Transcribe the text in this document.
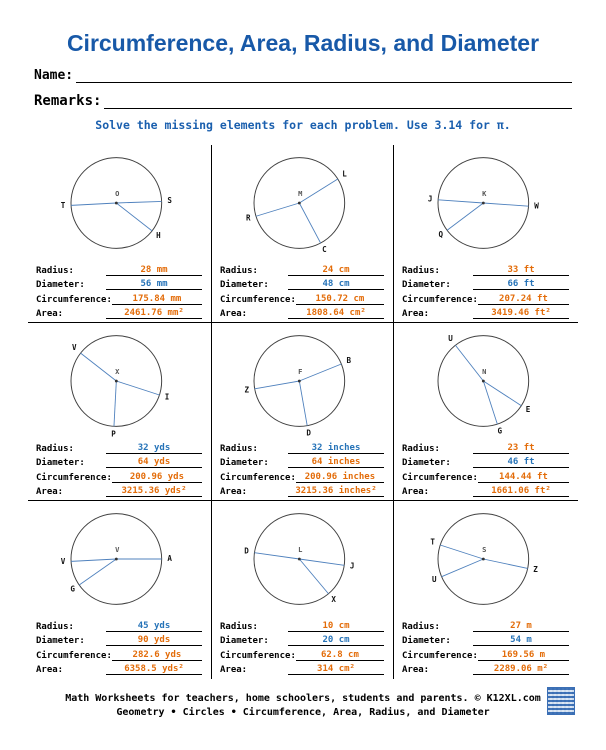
Circumference, Area, Radius, and Diameter
Name:
Remarks:
Solve the missing elements for each problem. Use 3.14 for π.
T
S
H
O
Radius:	28 mm
Diameter:	56 mm
Circumference:	175.84 mm
Area:	2461.76 mm²
R
L
C
M
Radius:	24 cm
Diameter:	48 cm
Circumference:	150.72 cm
Area:	1808.64 cm²
J
W
Q
K
Radius:	33 ft
Diameter:	66 ft
Circumference:	207.24 ft
Area:	3419.46 ft²
V
I
P
X
Radius:	32 yds
Diameter:	64 yds
Circumference:	200.96 yds
Area:	3215.36 yds²
Z
B
D
F
Radius:	32 inches
Diameter:	64 inches
Circumference: 200.96 inches
Area:	3215.36 inches²
U
E
G
N
Radius:	23 ft
Diameter:	46 ft
Circumference:	144.44 ft
Area:	1661.06 ft²
V	A
G
V
Radius:	45 yds
Diameter:	90 yds
Circumference:	282.6 yds
Area:	6358.5 yds²
D
J
X
L
Radius:	10 cm
Diameter:	20 cm
Circumference:	62.8 cm
Area:	314 cm²
T
Z
U
S
Radius:	27 m
Diameter:	54 m
Circumference:	169.56 m
Area:	2289.06 m²
Math Worksheets for teachers, home schoolers, students and parents. © K12XL.com
Geometry • Circles • Circumference, Area, Radius, and Diameter
